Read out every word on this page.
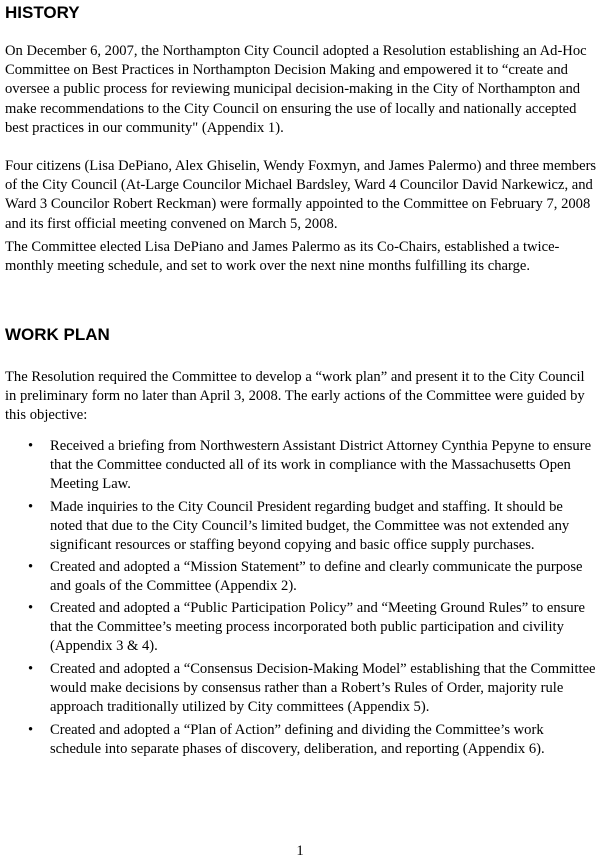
HISTORY

On December 6, 2007, the Northampton City Council adopted a Resolution establishing an Ad-Hoc Committee on Best Practices in Northampton Decision Making and empowered it to “create and oversee a public process for reviewing municipal decision-making in the City of Northampton and make recommendations to the City Council on ensuring the use of locally and nationally accepted best practices in our community" (Appendix 1).

Four citizens (Lisa DePiano, Alex Ghiselin, Wendy Foxmyn, and James Palermo) and three members of the City Council (At-Large Councilor Michael Bardsley, Ward 4 Councilor David Narkewicz, and Ward 3 Councilor Robert Reckman) were formally appointed to the Committee on February 7, 2008 and its first official meeting convened on March 5, 2008.

The Committee elected Lisa DePiano and James Palermo as its Co-Chairs, established a twice-monthly meeting schedule, and set to work over the next nine months fulfilling its charge.

WORK PLAN

The Resolution required the Committee to develop a “work plan” and present it to the City Council in preliminary form no later than April 3, 2008. The early actions of the Committee were guided by this objective:

• Received a briefing from Northwestern Assistant District Attorney Cynthia Pepyne to ensure that the Committee conducted all of its work in compliance with the Massachusetts Open Meeting Law.
• Made inquiries to the City Council President regarding budget and staffing. It should be noted that due to the City Council’s limited budget, the Committee was not extended any significant resources or staffing beyond copying and basic office supply purchases.
• Created and adopted a “Mission Statement” to define and clearly communicate the purpose and goals of the Committee (Appendix 2).
• Created and adopted a “Public Participation Policy” and “Meeting Ground Rules” to ensure that the Committee’s meeting process incorporated both public participation and civility (Appendix 3 & 4).
• Created and adopted a “Consensus Decision-Making Model” establishing that the Committee would make decisions by consensus rather than a Robert’s Rules of Order, majority rule approach traditionally utilized by City committees (Appendix 5).
• Created and adopted a “Plan of Action” defining and dividing the Committee’s work schedule into separate phases of discovery, deliberation, and reporting (Appendix 6).
1
